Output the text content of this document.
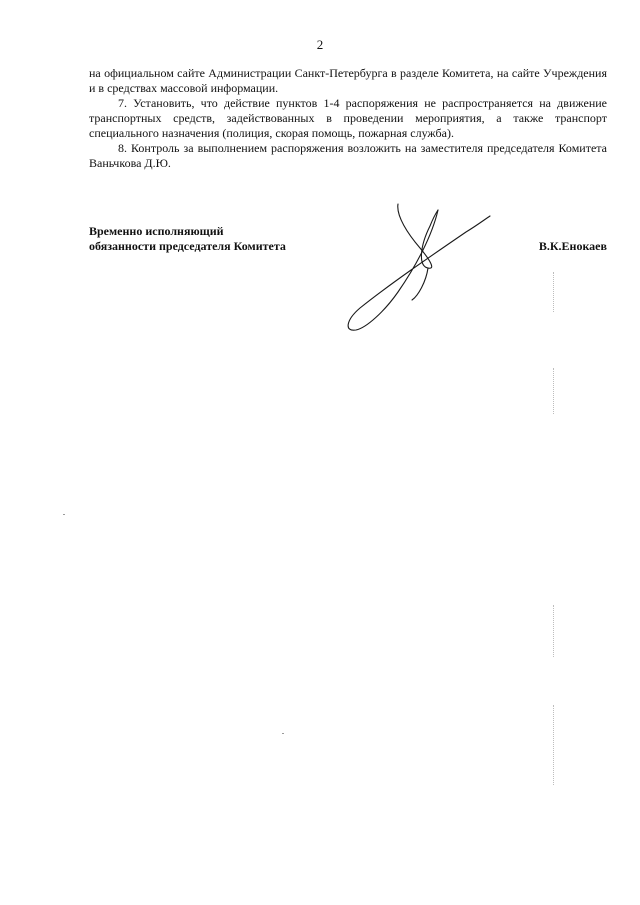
2

на официальном сайте Администрации Санкт-Петербурга в разделе Комитета, на сайте Учреждения и в средствах массовой информации.

7. Установить, что действие пунктов 1-4 распоряжения не распространяется на движение транспортных средств, задействованных в проведении мероприятия, а также транспорт специального назначения (полиция, скорая помощь, пожарная служба).

8. Контроль за выполнением распоряжения возложить на заместителя председателя Комитета Ваньчкова Д.Ю.

Временно исполняющий
обязанности председателя Комитета	В.К.Енокаев
